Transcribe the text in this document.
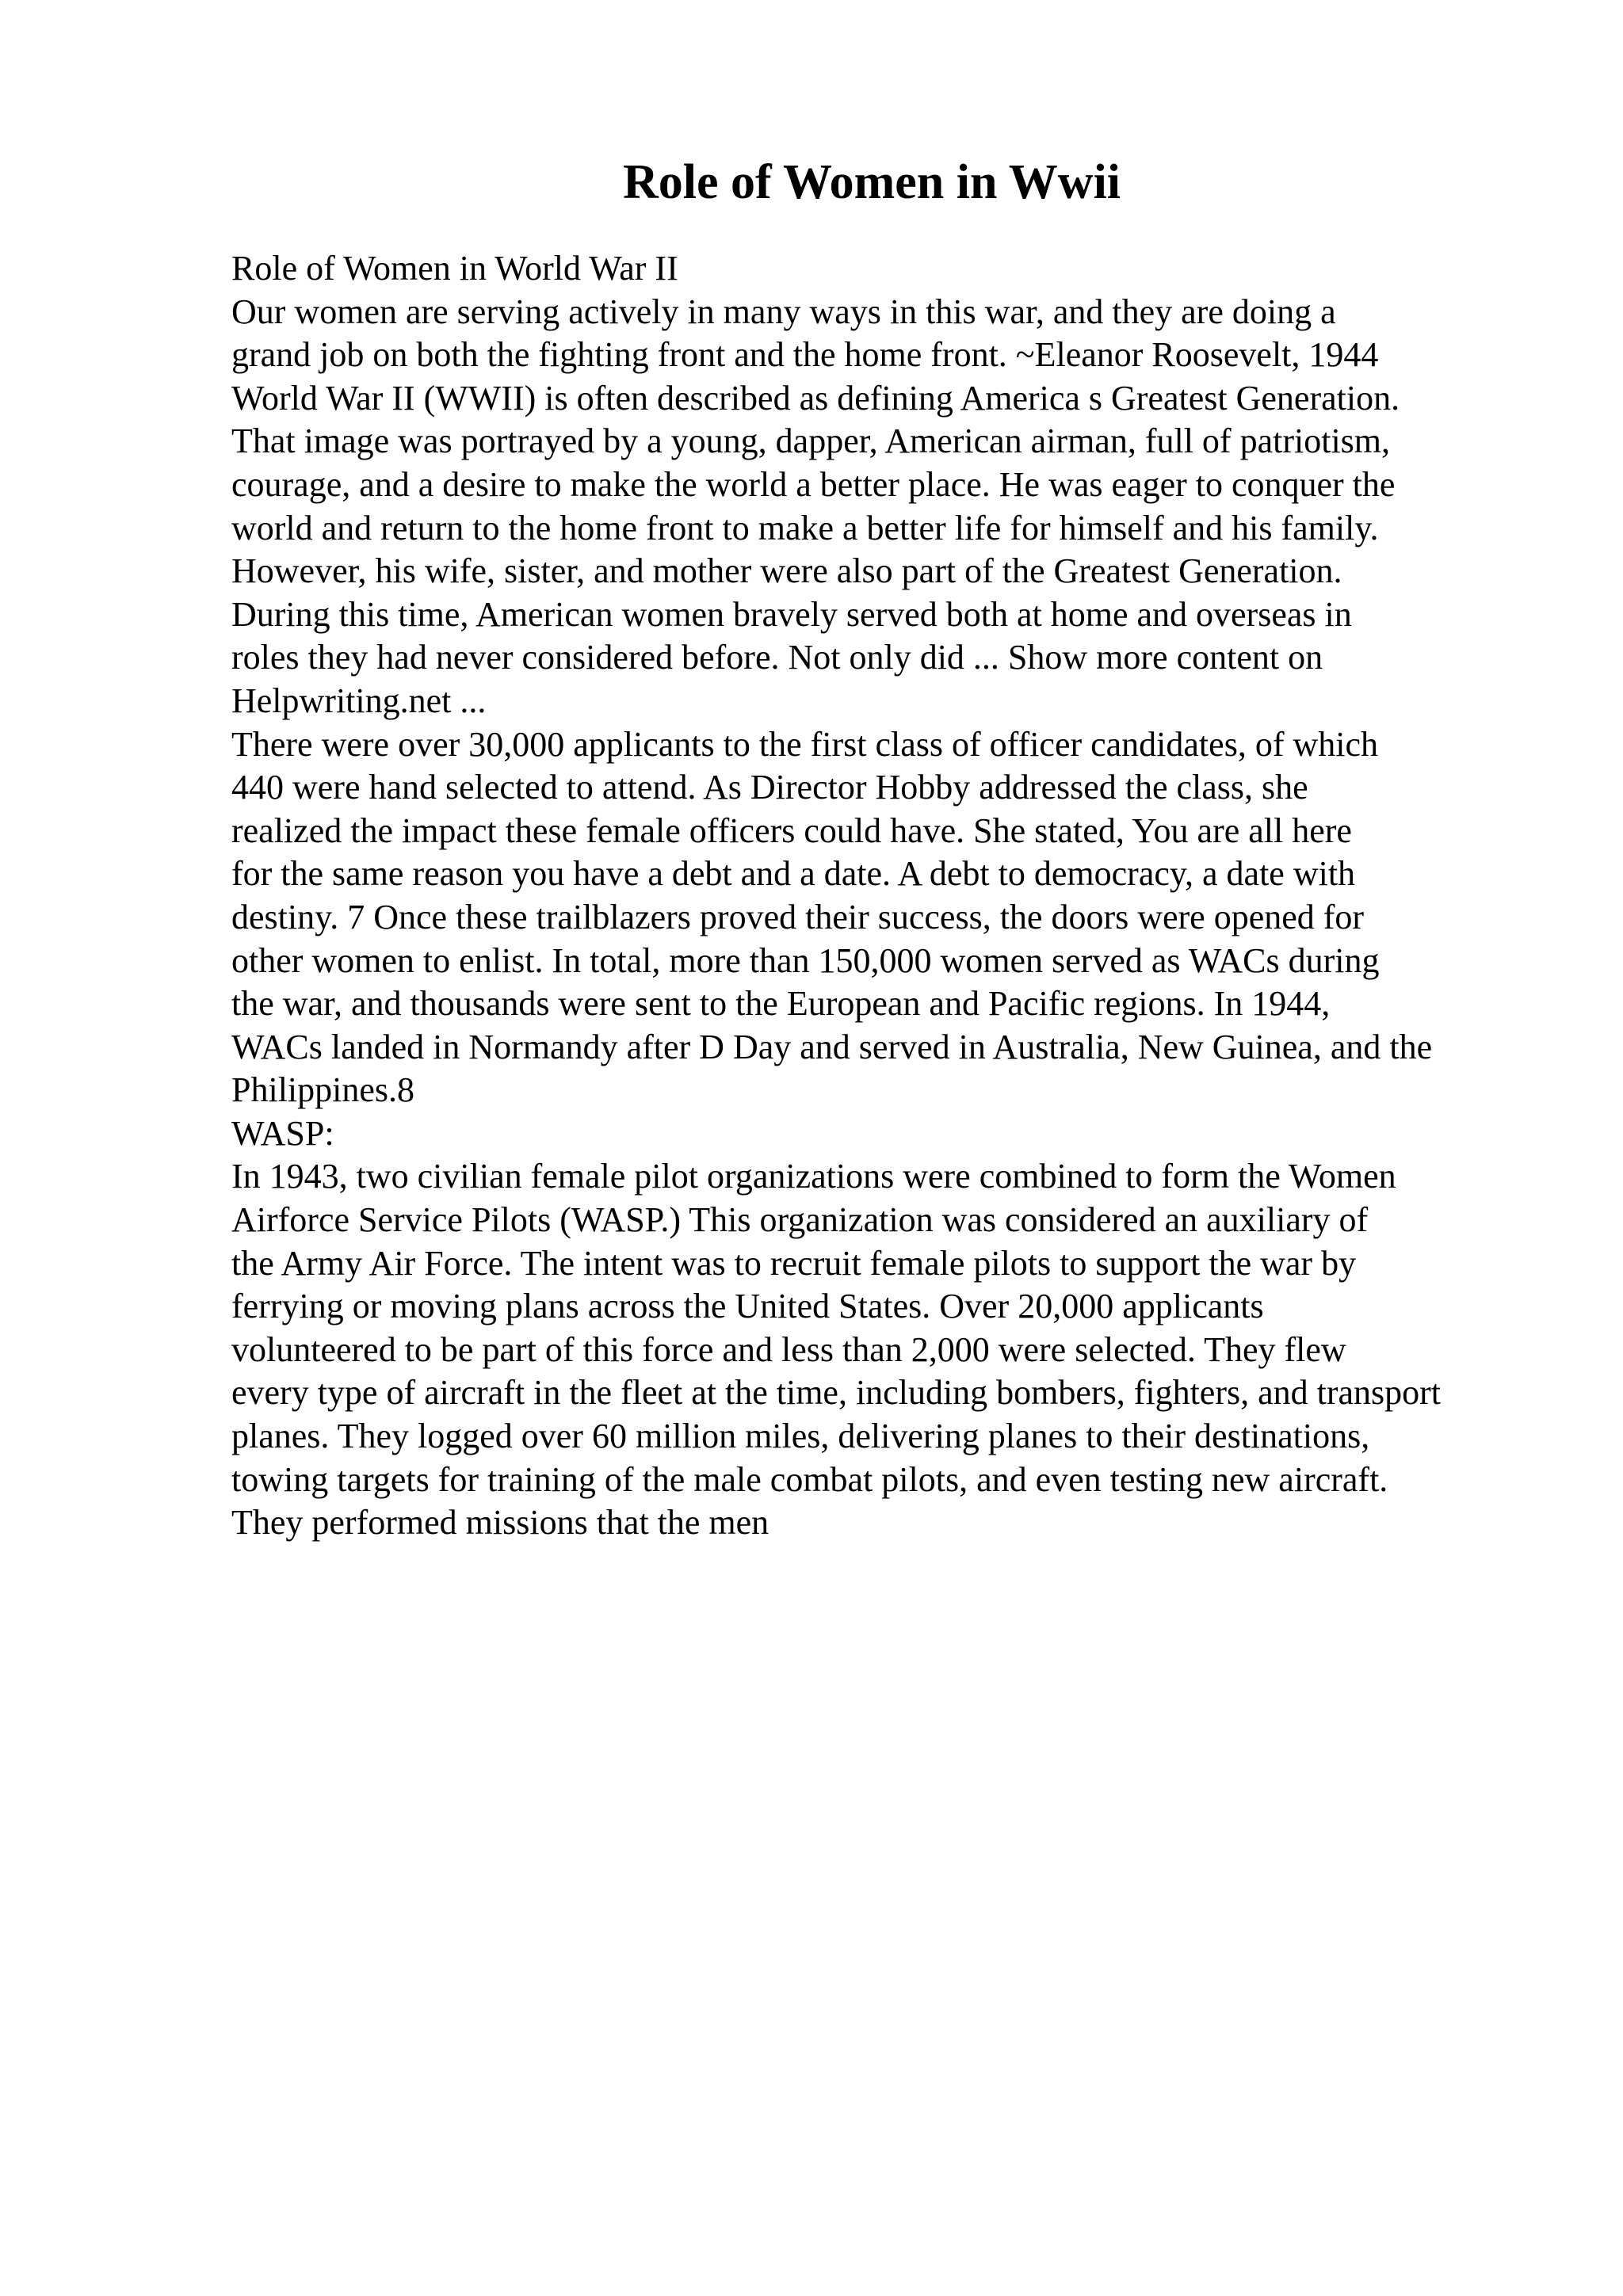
Role of Women in Wwii
Role of Women in World War II
Our women are serving actively in many ways in this war, and they are doing a
grand job on both the fighting front and the home front. ~Eleanor Roosevelt, 1944
World War II (WWII) is often described as defining America s Greatest Generation.
That image was portrayed by a young, dapper, American airman, full of patriotism,
courage, and a desire to make the world a better place. He was eager to conquer the
world and return to the home front to make a better life for himself and his family.
However, his wife, sister, and mother were also part of the Greatest Generation.
During this time, American women bravely served both at home and overseas in
roles they had never considered before. Not only did ... Show more content on
Helpwriting.net ...
There were over 30,000 applicants to the first class of officer candidates, of which
440 were hand selected to attend. As Director Hobby addressed the class, she
realized the impact these female officers could have. She stated, You are all here
for the same reason you have a debt and a date. A debt to democracy, a date with
destiny. 7 Once these trailblazers proved their success, the doors were opened for
other women to enlist. In total, more than 150,000 women served as WACs during
the war, and thousands were sent to the European and Pacific regions. In 1944,
WACs landed in Normandy after D Day and served in Australia, New Guinea, and the
Philippines.8
WASP:
In 1943, two civilian female pilot organizations were combined to form the Women
Airforce Service Pilots (WASP.) This organization was considered an auxiliary of
the Army Air Force. The intent was to recruit female pilots to support the war by
ferrying or moving plans across the United States. Over 20,000 applicants
volunteered to be part of this force and less than 2,000 were selected. They flew
every type of aircraft in the fleet at the time, including bombers, fighters, and transport
planes. They logged over 60 million miles, delivering planes to their destinations,
towing targets for training of the male combat pilots, and even testing new aircraft.
They performed missions that the men
